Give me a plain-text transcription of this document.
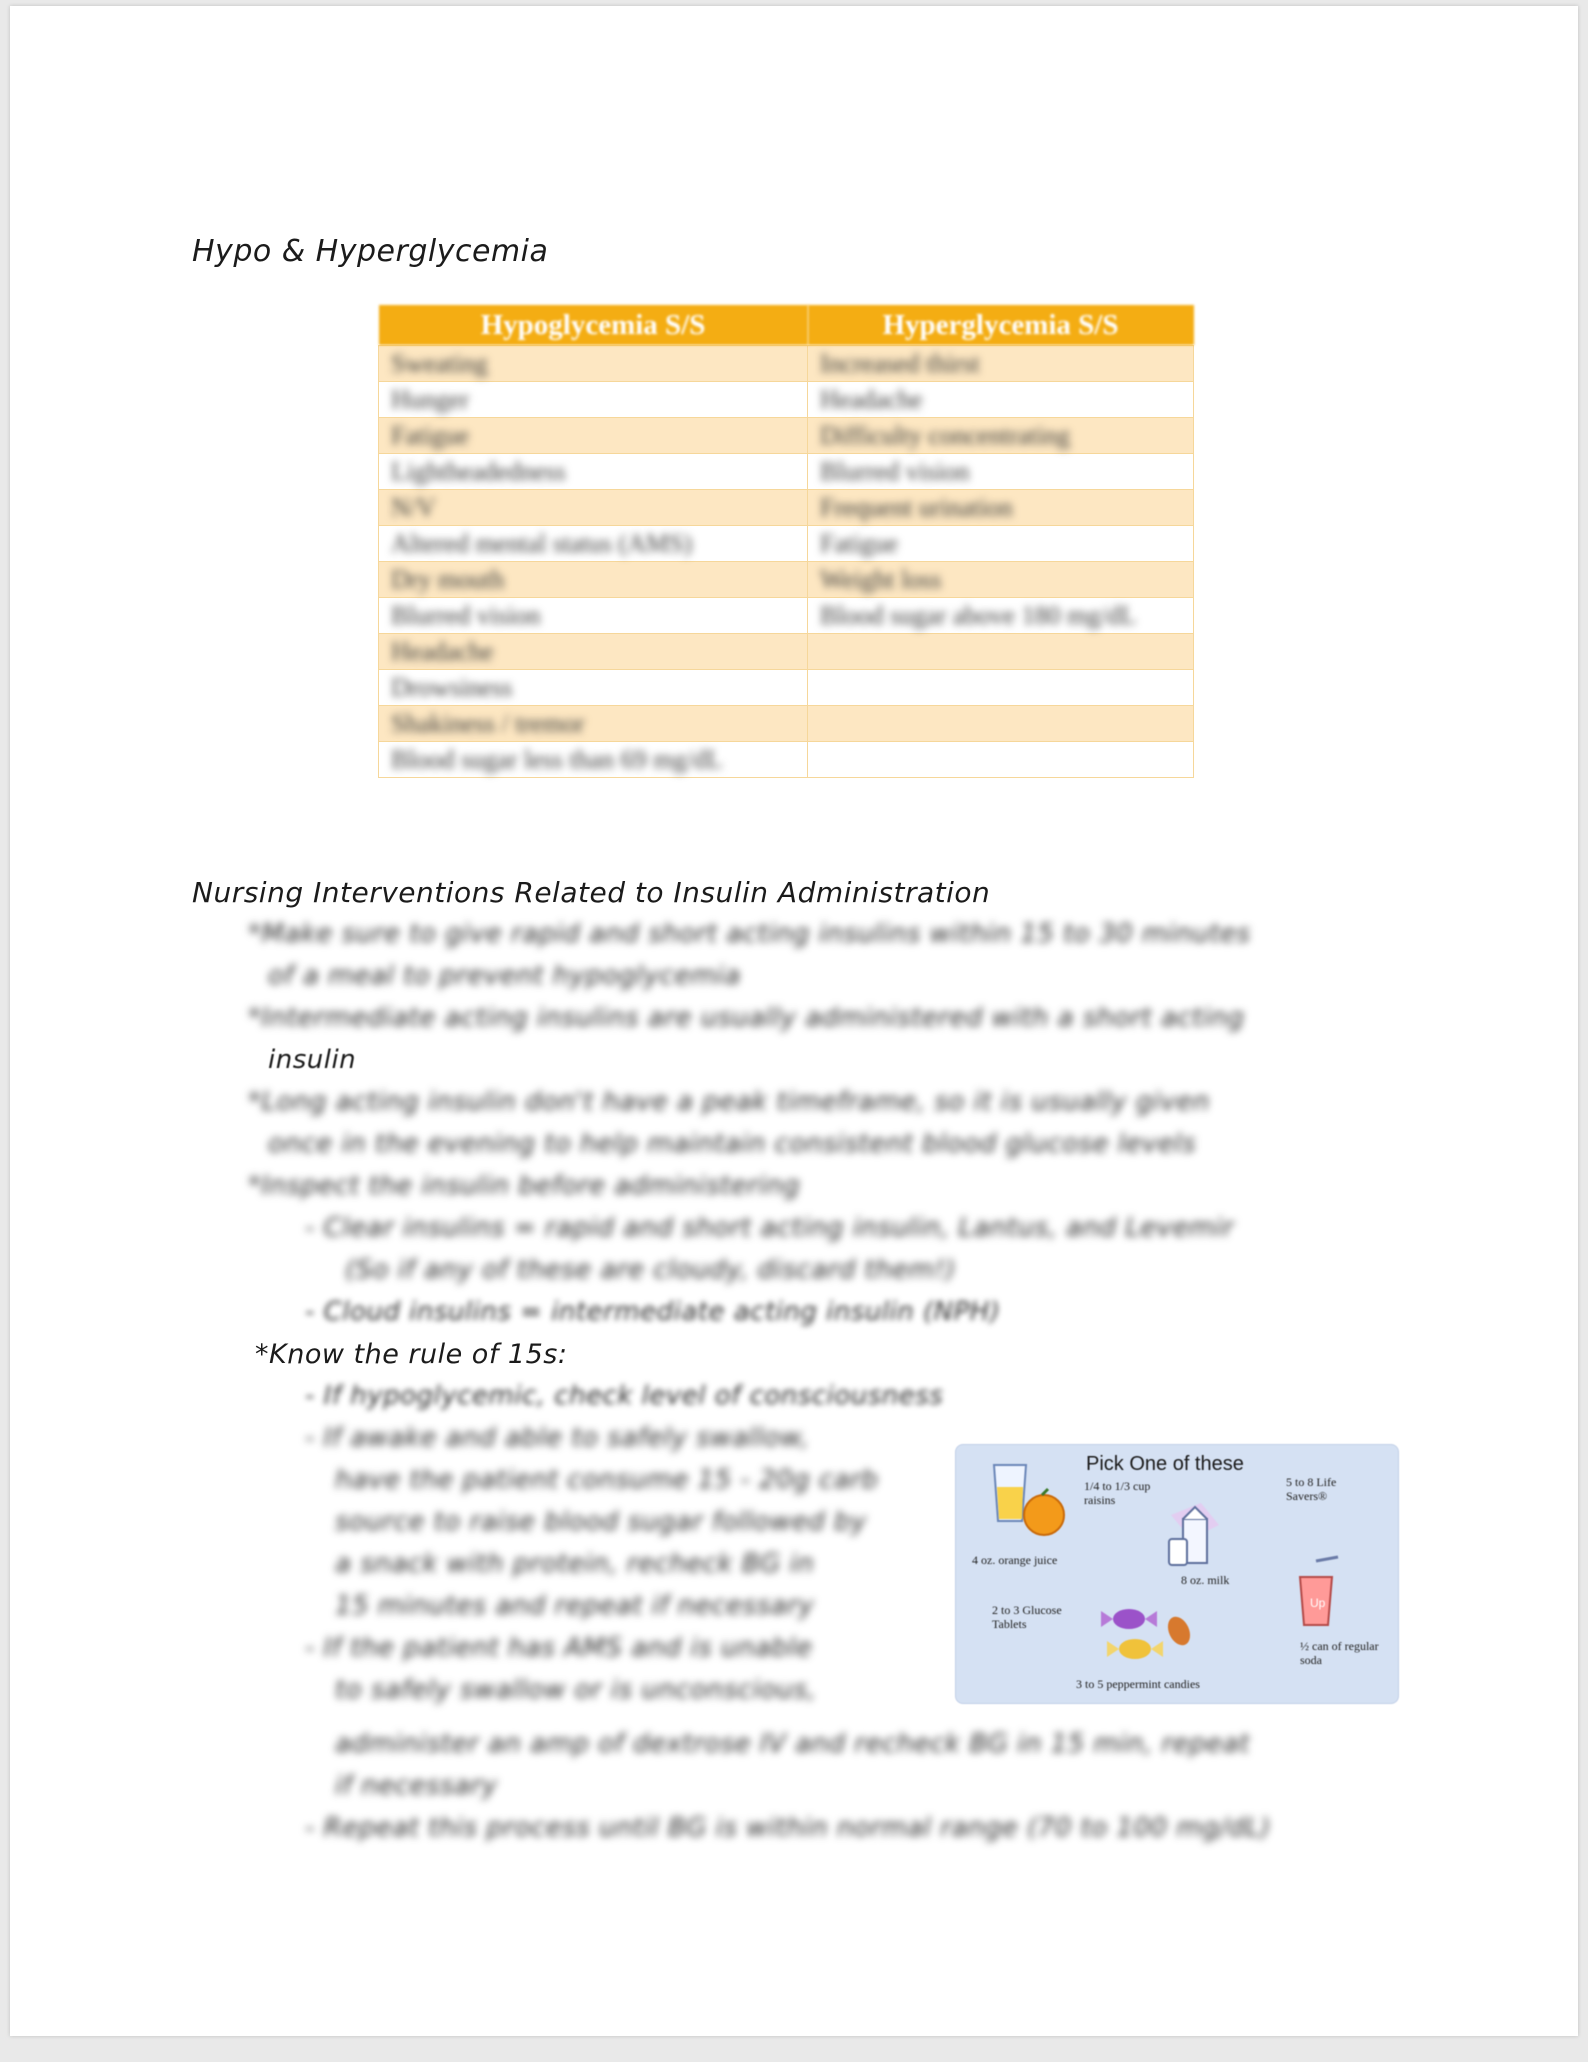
Hypo & Hyperglycemia
Hypoglycemia S/S	Hyperglycemia S/S
Sweating	Increased thirst
Hunger	Headache
Fatigue	Difficulty concentrating
Lightheadedness	Blurred vision
N/V	Frequent urination
Altered mental status (AMS)	Fatigue
Dry mouth	Weight loss
Blurred vision	Blood sugar above 180 mg/dL
Headache	
Drowsiness	
Shakiness / tremor	
Blood sugar less than 69 mg/dL	
Nursing Interventions Related to Insulin Administration
*Make sure to give rapid and short acting insulins within 15 to 30 minutes
of a meal to prevent hypoglycemia
*Intermediate acting insulins are usually administered with a short acting
insulin
*Long acting insulin don't have a peak timeframe, so it is usually given
once in the evening to help maintain consistent blood glucose levels
*Inspect the insulin before administering
- Clear insulins = rapid and short acting insulin, Lantus, and Levemir
(So if any of these are cloudy, discard them!)
- Cloud insulins = intermediate acting insulin (NPH)
*Know the rule of 15s:
- If hypoglycemic, check level of consciousness
- If awake and able to safely swallow,
have the patient consume 15 - 20g carb
source to raise blood sugar followed by
a snack with protein, recheck BG in
15 minutes and repeat if necessary
- If the patient has AMS and is unable
to safely swallow or is unconscious,
administer an amp of dextrose IV and recheck BG in 15 min, repeat
if necessary
- Repeat this process until BG is within normal range (70 to 100 mg/dL)
Pick One of these
4 oz. orange juice
1/4 to 1/3 cup raisins
8 oz. milk
5 to 8 Life Savers®
Up
½ can of regular soda
2 to 3 Glucose Tablets
3 to 5 peppermint candies
